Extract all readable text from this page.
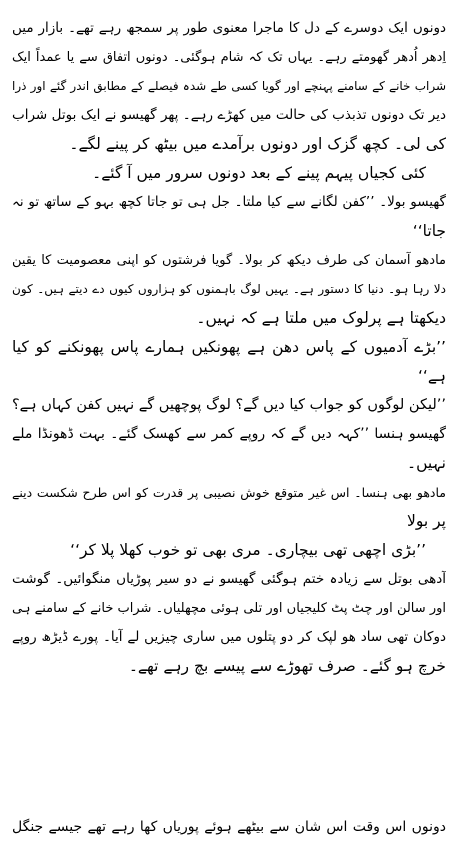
دونوں ایک دوسرے کے دل کا ماجرا معنوی طور پر سمجھ رہے تھے۔ بازار میں
اِدھر اُدھر گھومتے رہے۔ یہاں تک کہ شام ہوگئی۔ دونوں اتفاق سے یا عمداً ایک
شراب خانے کے سامنے پہنچے اور گویا کسی طے شدہ فیصلے کے مطابق اندر گئے اور ذرا
دیر تک دونوں تذبذب کی حالت میں کھڑے رہے۔ پھر گھیسو نے ایک بوتل شراب
کی لی۔ کچھ گزک اور دونوں برآمدے میں بیٹھ کر پینے لگے۔
کئی کجیاں پیہم پینے کے بعد دونوں سرور میں آ گئے۔
گھیسو بولا۔ ’’کفن لگانے سے کیا ملتا۔ جل ہی تو جاتا کچھ بہو کے ساتھ تو نہ
جاتا‘‘
مادھو آسمان کی طرف دیکھ کر بولا۔ گویا فرشتوں کو اپنی معصومیت کا یقین
دلا رہا ہو۔ دنیا کا دستور ہے۔ یہیں لوگ باہمنوں کو ہزاروں کیوں دے دیتے ہیں۔ کون
دیکھتا ہے پرلوک میں ملتا ہے کہ نہیں۔
’’بڑے آدمیوں کے پاس دھن ہے پھونکیں ہمارے پاس پھونکنے کو کیا
ہے‘‘
’’لیکن لوگوں کو جواب کیا دیں گے؟ لوگ پوچھیں گے نہیں کفن کہاں ہے؟
گھیسو ہنسا ’’کہہ دیں گے کہ روپے کمر سے کھسک گئے۔ بہت ڈھونڈا ملے
نہیں۔
مادھو بھی ہنسا۔ اس غیر متوقع خوش نصیبی پر قدرت کو اس طرح شکست دینے
پر بولا
’’بڑی اچھی تھی بیچاری۔ مری بھی تو خوب کھلا پلا کر‘‘
آدھی بوتل سے زیادہ ختم ہوگئی گھیسو نے دو سیر پوڑیاں منگوائیں۔ گوشت
اور سالن اور چٹ پٹ کلیجیاں اور تلی ہوئی مچھلیاں۔ شراب خانے کے سامنے ہی
دوکان تھی ساد ھو لپک کر دو پتلوں میں ساری چیزیں لے آیا۔ پورے ڈیڑھ روپے
خرچ ہو گئے۔ صرف تھوڑے سے پیسے بچ رہے تھے۔
دونوں اس وقت اس شان سے بیٹھے ہوئے پوریاں کھا رہے تھے جیسے جنگل
